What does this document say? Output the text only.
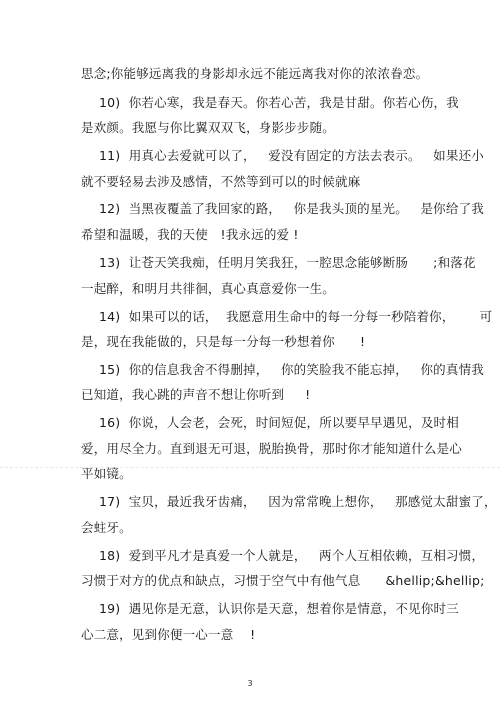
思念;你能够远离我的身影却永远不能远离我对你的浓浓眷恋。
10)  你若心寒，我是春天。你若心苦，我是甘甜。你若心伤，我
是欢颜。我愿与你比翼双双飞，身影步步随。
11)  用真心去爱就可以了，   爱没有固定的方法去表示。   如果还小
就不要轻易去涉及感情，不然等到可以的时候就麻
12)  当黑夜覆盖了我回家的路，   你是我头顶的星光。   是你给了我
希望和温暖，我的天使   !我永远的爱 !
13)  让苍天笑我痴，任明月笑我狂，一腔思念能够断肠      ;和落花
一起醉，和明月共徘徊，真心真意爱你一生。
14)  如果可以的话，  我愿意用生命中的每一分每一秒陪着你，      可
是，现在我能做的，只是每一分每一秒想着你      !
15)  你的信息我舍不得删掉，   你的笑脸我不能忘掉，   你的真情我
已知道，我心跳的声音不想让你听到     !
16)  你说，人会老，会死，时间短促，所以要早早遇见，及时相
爱，用尽全力。直到退无可退，脱胎换骨，那时你才能知道什么是心
平如镜。
17)  宝贝，最近我牙齿痛，   因为常常晚上想你，   那感觉太甜蜜了，
会蛀牙。
18)  爱到平凡才是真爱一个人就是，   两个人互相依赖，互相习惯，
习惯于对方的优点和缺点，习惯于空气中有他气息      &hellip;&hellip;
19)  遇见你是无意，认识你是天意，想着你是情意，不见你时三
心二意，见到你便一心一意    !
3
